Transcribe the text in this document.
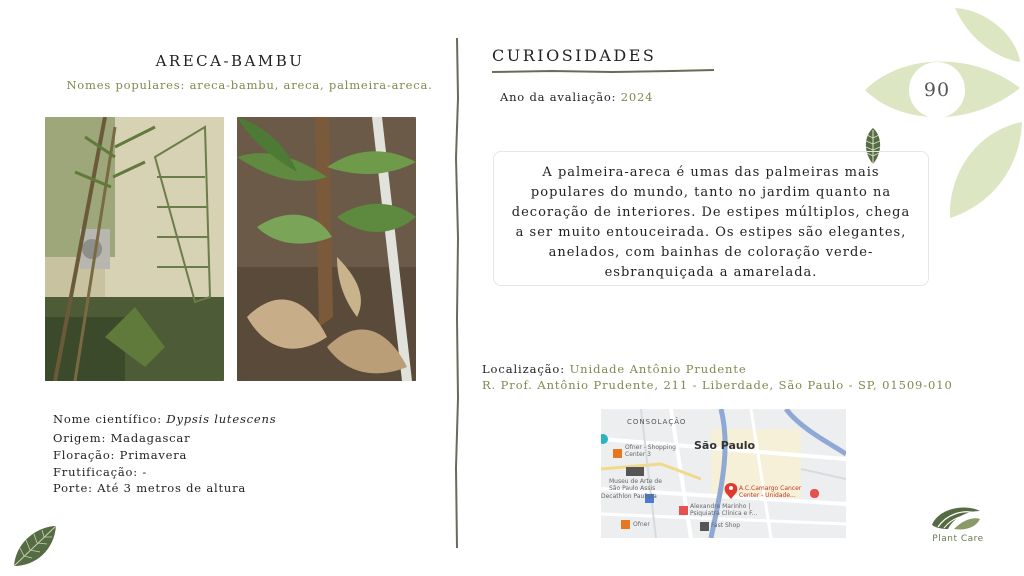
90
ARECA-BAMBU
Nomes populares: areca-bambu, areca, palmeira-areca.
Nome científico: Dypsis lutescens
Origem: Madagascar
Floração: Primavera
Frutificação: -
Porte: Até 3 metros de altura
CURIOSIDADES
Ano da avaliação: 2024
A palmeira-areca é umas das palmeiras mais populares do mundo, tanto no jardim quanto na decoração de interiores. De estipes múltiplos, chega a ser muito entouceirada. Os estipes são elegantes, anelados, com bainhas de coloração verde-esbranquiçada a amarelada.
Localização: Unidade Antônio Prudente
R. Prof. Antônio Prudente, 211 - Liberdade, São Paulo - SP, 01509-010
CONSOLAÇÃO
São Paulo
Ofner - Shopping Center 3
Museu de Arte de São Paulo Assis
Decathlon Paulista
A.C.Camargo Cancer Center - Unidade...
Alexandre Marinho | Psiquiatra Clínica e F...
Ofner	Fast Shop
Plant Care
